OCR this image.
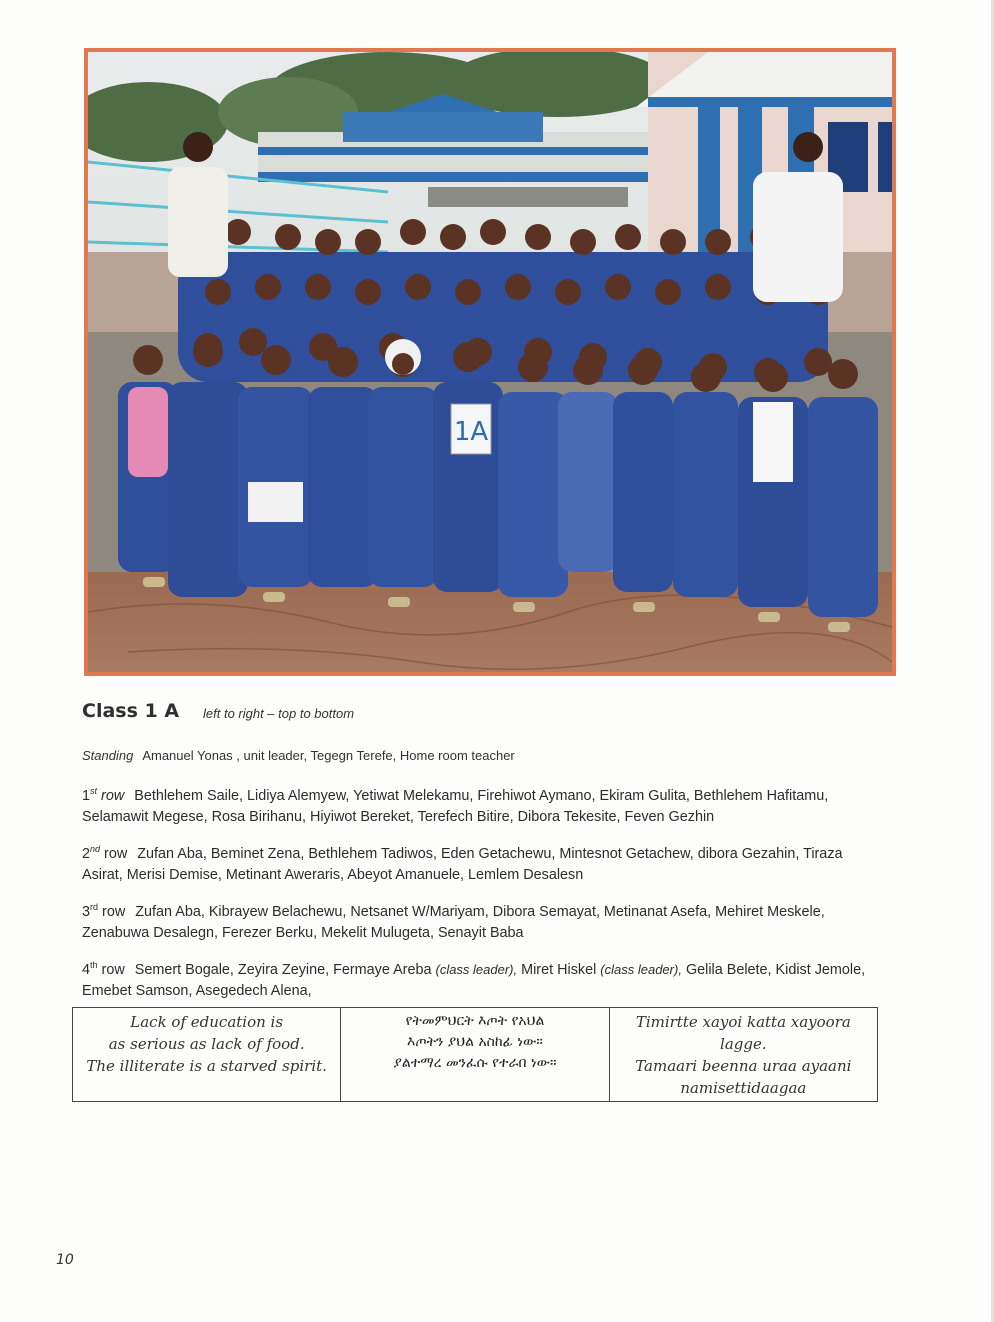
1A
Class 1 A left to right – top to bottom
Standing Amanuel Yonas , unit leader, Tegegn Terefe, Home room teacher
1st row Bethlehem Saile, Lidiya Alemyew, Yetiwat Melekamu, Firehiwot Aymano, Ekiram Gulita, Bethlehem Hafitamu, Selamawit Megese, Rosa Birihanu, Hiyiwot Bereket, Terefech Bitire, Dibora Tekesite, Feven Gezhin
2nd row Zufan Aba, Beminet Zena, Bethlehem Tadiwos, Eden Getachewu, Mintesnot Getachew, dibora Gezahin, Tiraza Asirat, Merisi Demise, Metinant Aweraris, Abeyot Amanuele, Lemlem Desalesn
3rd row Zufan Aba, Kibrayew Belachewu, Netsanet W/Mariyam, Dibora Semayat, Metinanat Asefa, Mehiret Meskele, Zenabuwa Desalegn, Ferezer Berku, Mekelit Mulugeta, Senayit Baba
4th row Semert Bogale, Zeyira Zeyine, Fermaye Areba (class leader), Miret Hiskel (class leader), Gelila Belete, Kidist Jemole, Emebet Samson, Asegedech Alena,
Lack of education is
as serious as lack of food.
The illiterate is a starved spirit.

የትመምህርት እጦት የአህል
እጦትን ያህል አስከፊ ነው።
ያልተማረ መንፈሱ የተራበ ነው።

Timirtte xayoi katta xayoora lagge.
Tamaari beenna uraa ayaani
namisettidaagaa
10
